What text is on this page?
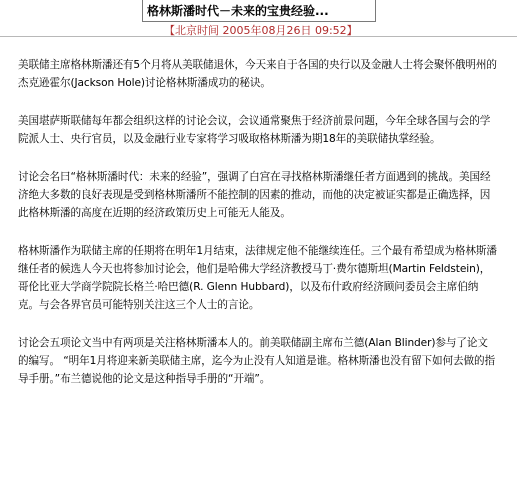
格林斯潘时代－未来的宝贵经验...
【北京时间 2005年08月26日 09:52】

美联储主席格林斯潘还有5个月将从美联储退休，今天来自于各国的央行以及金融人士将会聚怀俄明州的杰克逊霍尔(Jackson Hole)讨论格林斯潘成功的秘诀。

美国堪萨斯联储每年都会组织这样的讨论会议，会议通常聚焦于经济前景问题，今年全球各国与会的学院派人士、央行官员，以及金融行业专家将学习吸取格林斯潘为期18年的美联储执掌经验。

讨论会名曰“格林斯潘时代：未来的经验”，强调了白宫在寻找格林斯潘继任者方面遇到的挑战。美国经济绝大多数的良好表现是受到格林斯潘所不能控制的因素的推动，而他的决定被证实都是正确选择，因此格林斯潘的高度在近期的经济政策历史上可能无人能及。

格林斯潘作为联储主席的任期将在明年1月结束，法律规定他不能继续连任。三个最有希望成为格林斯潘继任者的候选人今天也将参加讨论会，他们是哈佛大学经济教授马丁·费尔德斯坦(Martin Feldstein)，哥伦比亚大学商学院院长格兰·哈巴德(R. Glenn Hubbard)，以及布什政府经济顾问委员会主席伯纳克。与会各界官员可能特别关注这三个人士的言论。

讨论会五项论文当中有两项是关注格林斯潘本人的。前美联储副主席布兰德(Alan Blinder)参与了论文的编写。 “明年1月将迎来新美联储主席，迄今为止没有人知道是谁。格林斯潘也没有留下如何去做的指导手册。”布兰德说他的论文是这种指导手册的“开端”。
